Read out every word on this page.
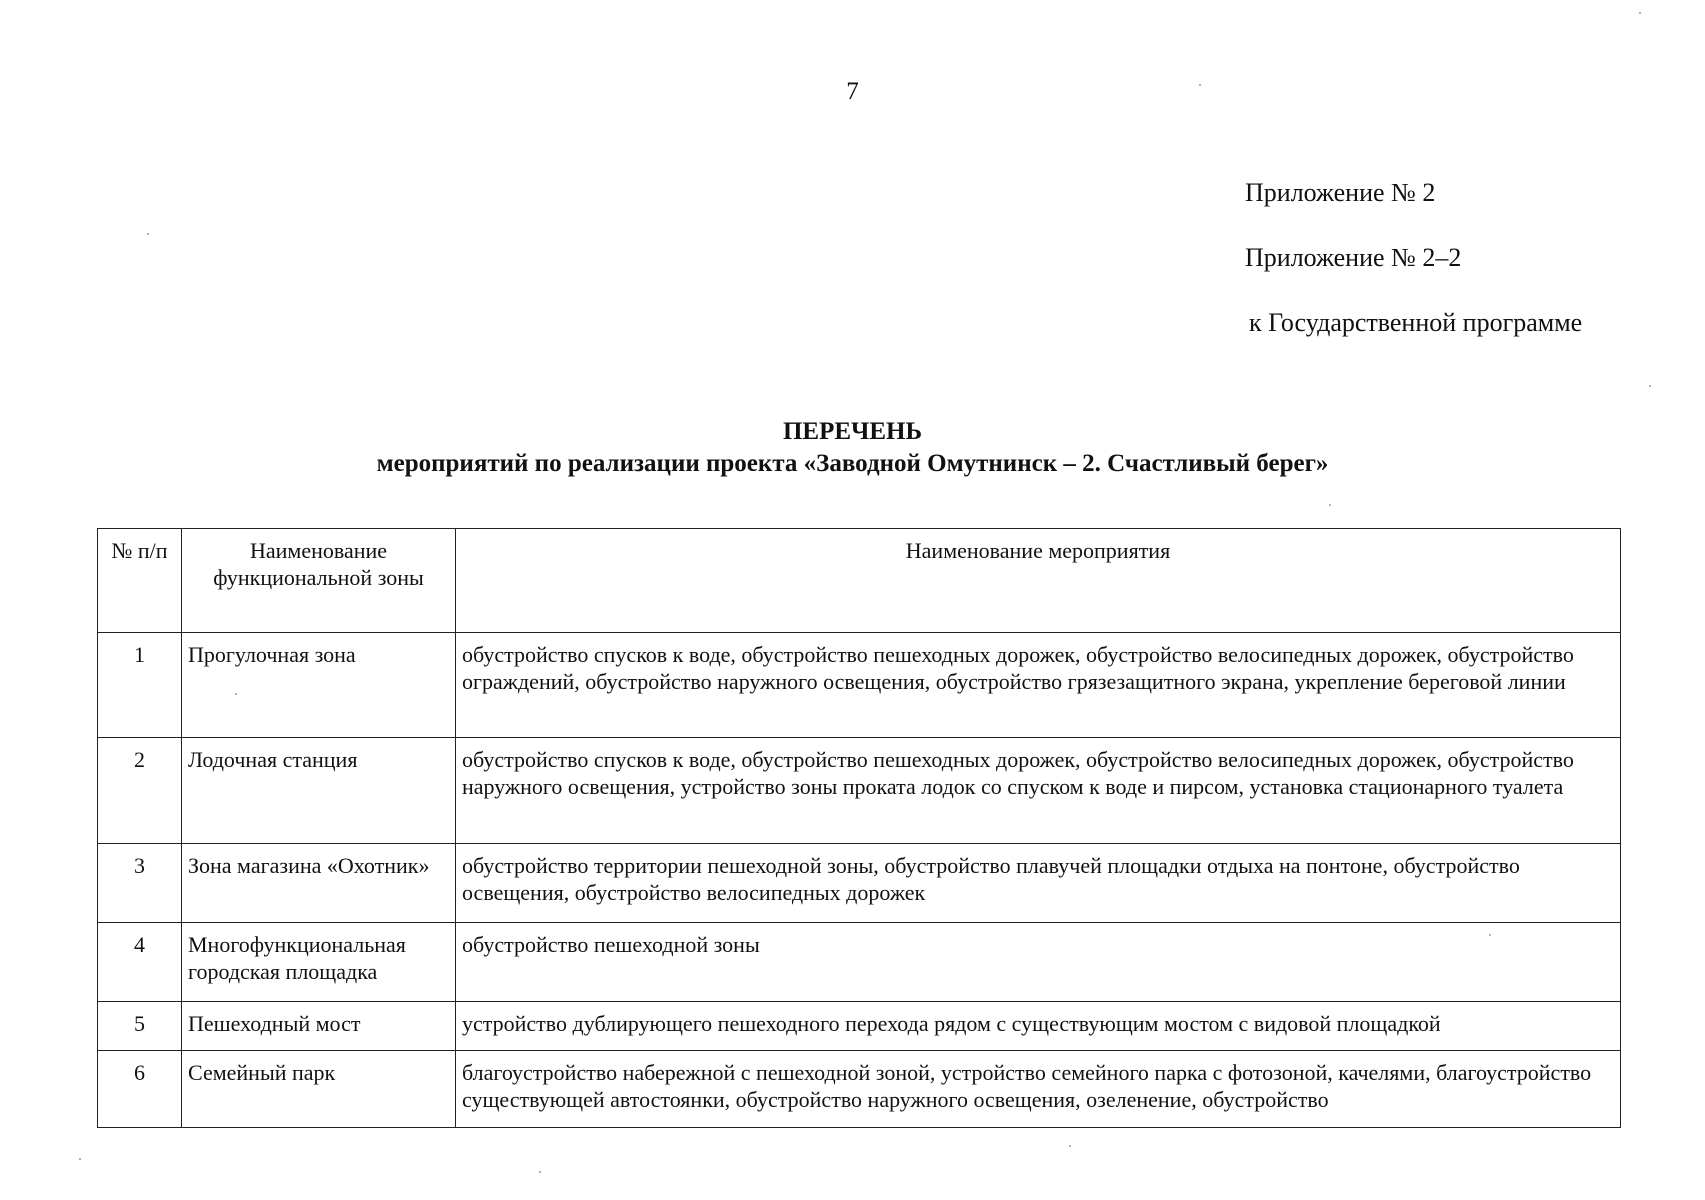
7
Приложение № 2
Приложение № 2–2
к Государственной программе
ПЕРЕЧЕНЬ
мероприятий по реализации проекта «Заводной Омутнинск – 2. Счастливый берег»
№ п/п	Наименование функциональной зоны	Наименование мероприятия
1	Прогулочная зона	обустройство спусков к воде, обустройство пешеходных дорожек, обустройство велосипедных дорожек, обустройство ограждений, обустройство наружного освещения, обустройство грязезащитного экрана, укрепление береговой линии
2	Лодочная станция	обустройство спусков к воде, обустройство пешеходных дорожек, обустройство велосипедных дорожек, обустройство наружного освещения, устройство зоны проката лодок со спуском к воде и пирсом, установка стационарного туалета
3	Зона магазина «Охотник»	обустройство территории пешеходной зоны, обустройство плавучей площадки отдыха на понтоне, обустройство освещения, обустройство велосипедных дорожек
4	Многофункциональная городская площадка	обустройство пешеходной зоны
5	Пешеходный мост	устройство дублирующего пешеходного перехода рядом с существующим мостом с видовой площадкой
6	Семейный парк	благоустройство набережной с пешеходной зоной, устройство семейного парка с фотозоной, качелями, благоустройство существующей автостоянки, обустройство наружного освещения, озеленение, обустройство
